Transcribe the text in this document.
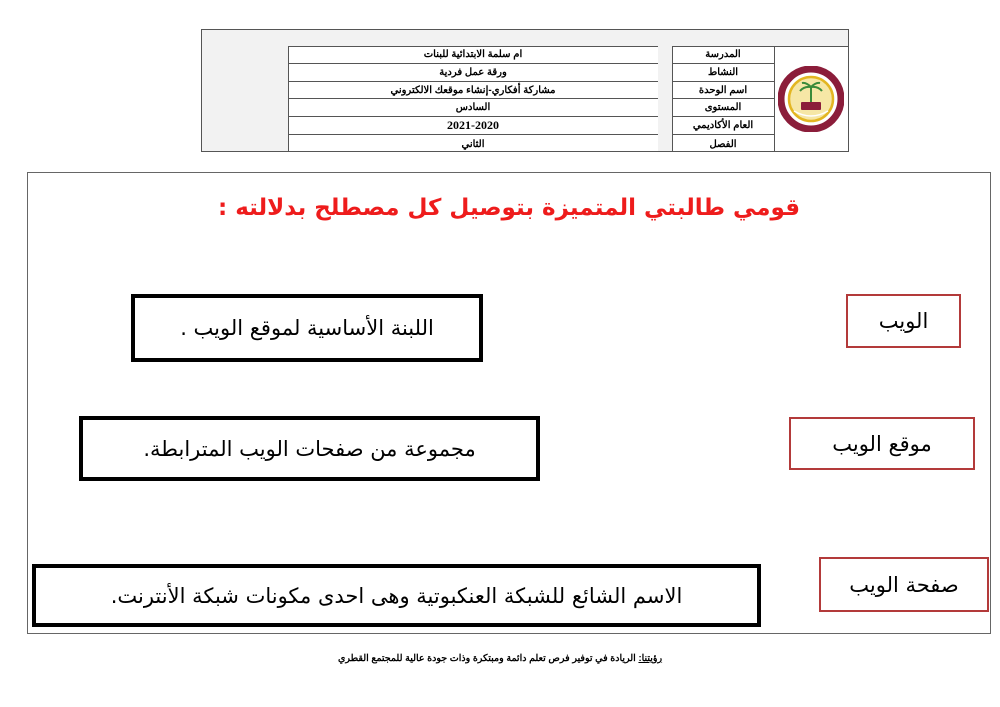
ام سلمة الابتدائية للبنات
ورقة عمل فردية
مشاركة أفكاري-إنشاء موقعك الالكتروني
السادس
2021-2020
الثاني
المدرسة
النشاط
اسم الوحدة
المستوى
العام الأكاديمي
الفصل
قومي طالبتي المتميزة بتوصيل كل مصطلح بدلالته :
اللبنة الأساسية لموقع الويب .
مجموعة من صفحات الويب المترابطة.
الاسم الشائع للشبكة العنكبوتية وهى احدى مكونات شبكة الأنترنت.
الويب
موقع الويب
صفحة الويب
رؤيتنا: الريادة في توفير فرص تعلم دائمة ومبتكرة وذات جودة عالية للمجتمع القطري
